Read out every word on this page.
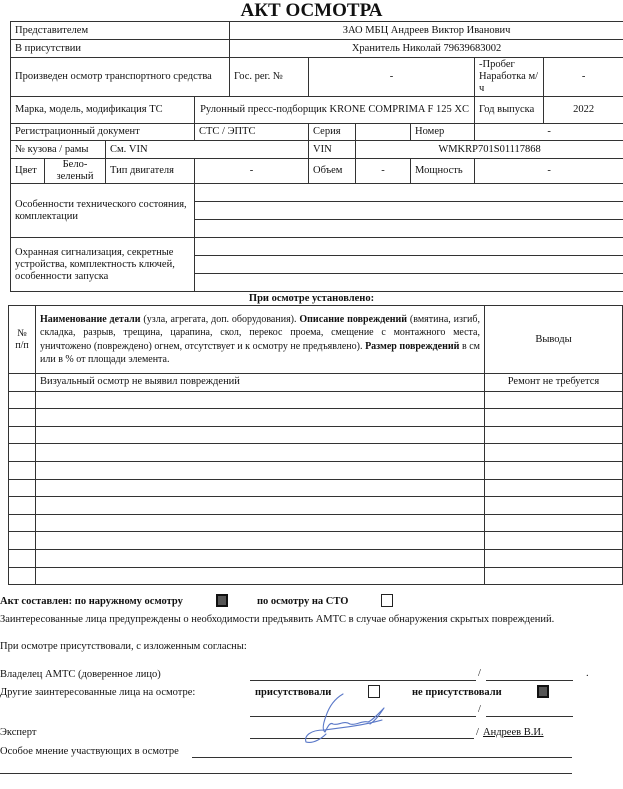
АКТ ОСМОТРА
Представителем				ЗАО МБЦ Андреев Виктор Иванович					
В присутствии				Хранитель Николай 79639683002					
Произведен осмотр транспортного средства				Гос. рег. №	-			-Пробег Наработка м/ч	-
Марка, модель, модификация ТС			Рулонный пресс-подборщик KRONE COMPRIMA F 125 XC					Год выпуска	2022
Регистрационный документ			СТС / ЭПТС		Серия		Номер	-	
№ кузова / рамы		См. VIN			VIN	WMKRP701S01117868			
Цвет	Бело-зеленый	Тип двигателя	-		Объем	-	Мощность	-	
Особенности технического состояния, комплектации									

Охранная сигнализация, секретные устройства, комплектность ключей, особенности запуска									

При осмотре установлено:
№ п/п	Наименование детали (узла, агрегата, доп. оборудования). Описание повреждений (вмятина, изгиб, складка, разрыв, трещина, царапина, скол, перекос проема, смещение с монтажного места, уничтожено (повреждено) огнем, отсутствует и к осмотру не предъявлено). Размер повреждений в см или в % от площади элемента.	Выводы
	Визуальный осмотр не выявил повреждений	Ремонт не требуется

Акт составлен: по наружному осмотру	по осмотру на СТО
Заинтересованные лица предупреждены о необходимости предъявить АМТС в случае обнаружения скрытых повреждений.
При осмотре присутствовали, с изложенным согласны:
Владелец АМТС (доверенное лицо)	/	.
Другие заинтересованные лица на осмотре:	присутствовали	не присутствовали
/
Эксперт	/ Андреев В.И.
Особое мнение участвующих в осмотре
